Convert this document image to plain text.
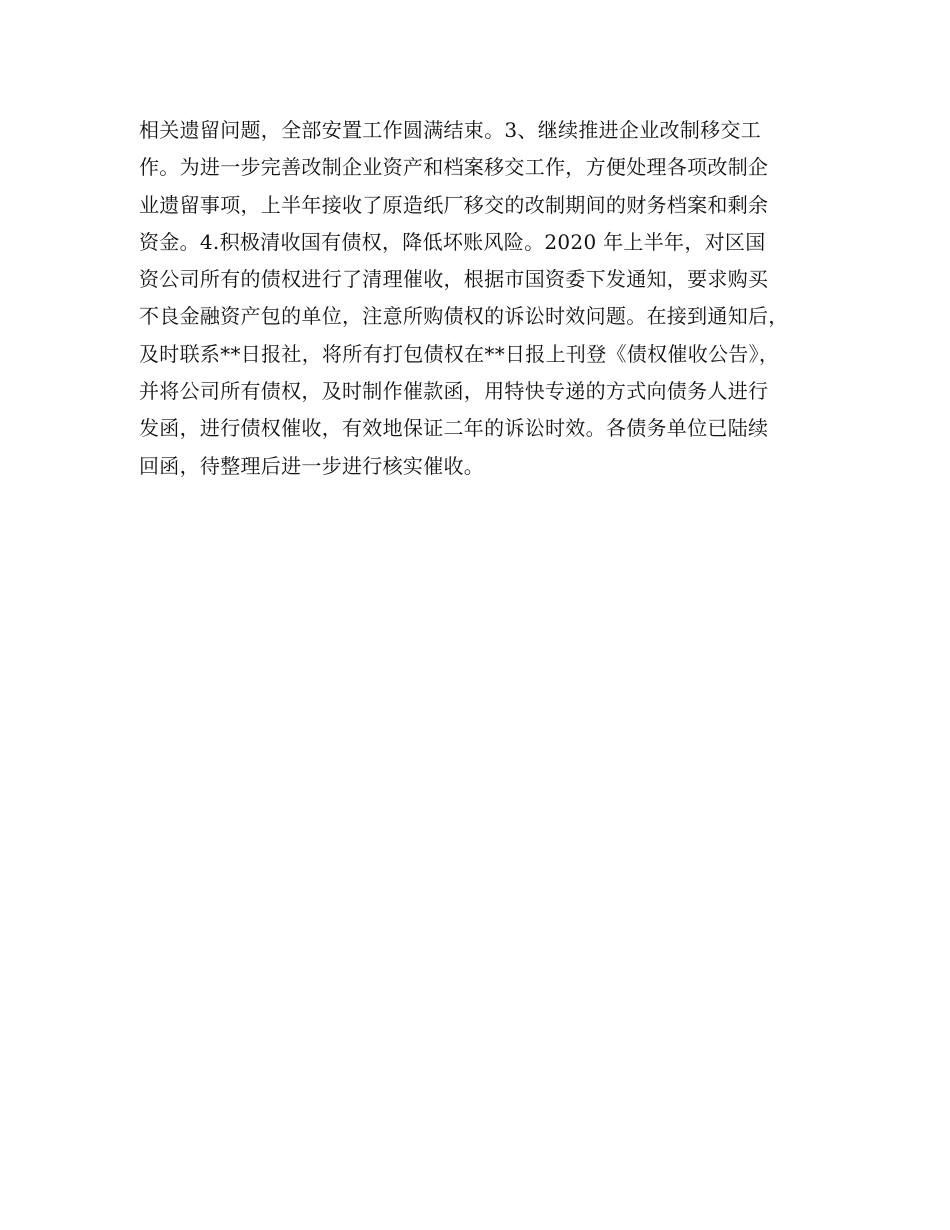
相关遗留问题，全部安置工作圆满结束。3、继续推进企业改制移交工
作。为进一步完善改制企业资产和档案移交工作，方便处理各项改制企
业遗留事项，上半年接收了原造纸厂移交的改制期间的财务档案和剩余
资金。4.积极清收国有债权，降低坏账风险。2020 年上半年，对区国
资公司所有的债权进行了清理催收，根据市国资委下发通知，要求购买
不良金融资产包的单位，注意所购债权的诉讼时效问题。在接到通知后，
及时联系**日报社，将所有打包债权在**日报上刊登《债权催收公告》，
并将公司所有债权，及时制作催款函，用特快专递的方式向债务人进行
发函，进行债权催收，有效地保证二年的诉讼时效。各债务单位已陆续
回函，待整理后进一步进行核实催收。
